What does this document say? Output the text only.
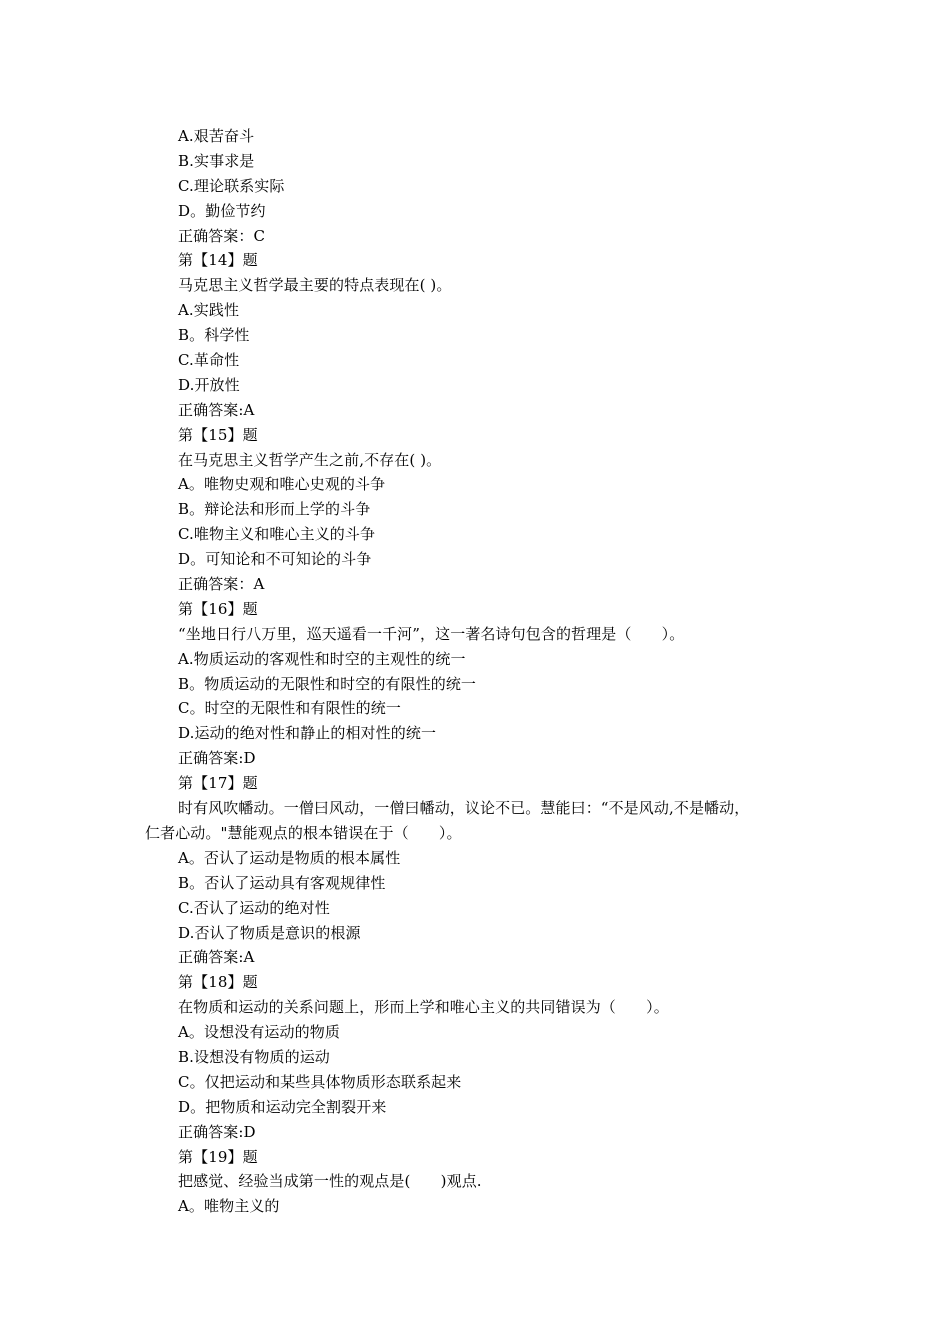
A.艰苦奋斗
B.实事求是
C.理论联系实际
D。勤俭节约
正确答案：C
第【14】题
马克思主义哲学最主要的特点表现在( )。
A.实践性
B。科学性
C.革命性
D.开放性
正确答案:A
第【15】题
在马克思主义哲学产生之前,不存在( )。
A。唯物史观和唯心史观的斗争
B。辩论法和形而上学的斗争
C.唯物主义和唯心主义的斗争
D。可知论和不可知论的斗争
正确答案：A
第【16】题
“坐地日行八万里，巡天遥看一千河”，这一著名诗句包含的哲理是（　　）。
A.物质运动的客观性和时空的主观性的统一
B。物质运动的无限性和时空的有限性的统一
C。时空的无限性和有限性的统一
D.运动的绝对性和静止的相对性的统一
正确答案:D
第【17】题
时有风吹幡动。一僧曰风动，一僧曰幡动，议论不已。慧能曰：“不是风动,不是幡动，
仁者心动。"慧能观点的根本错误在于（　　）。
A。否认了运动是物质的根本属性
B。否认了运动具有客观规律性
C.否认了运动的绝对性
D.否认了物质是意识的根源
正确答案:A
第【18】题
在物质和运动的关系问题上，形而上学和唯心主义的共同错误为（　　）。
A。设想没有运动的物质
B.设想没有物质的运动
C。仅把运动和某些具体物质形态联系起来
D。把物质和运动完全割裂开来
正确答案:D
第【19】题
把感觉、经验当成第一性的观点是(　　)观点.
A。唯物主义的
